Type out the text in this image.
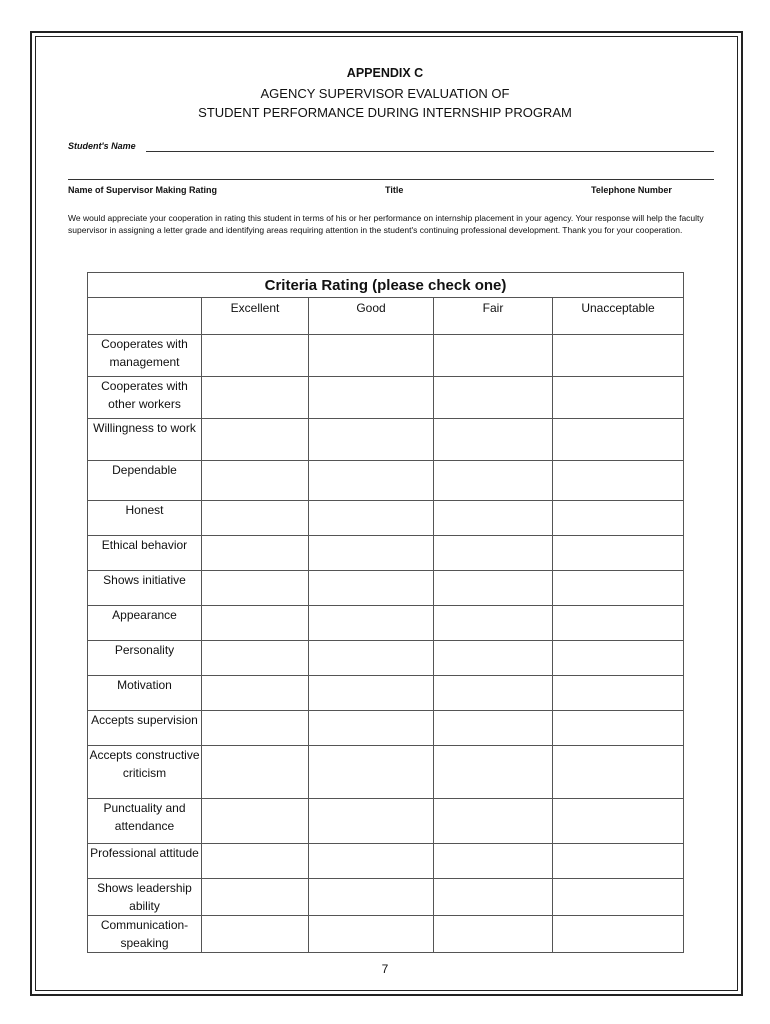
APPENDIX C
AGENCY SUPERVISOR EVALUATION OF
STUDENT PERFORMANCE DURING INTERNSHIP PROGRAM
Student's Name
Name of Supervisor Making Rating	Title	Telephone Number
We would appreciate your cooperation in rating this student in terms of his or her performance on internship placement in your agency. Your response will help the faculty supervisor in assigning a letter grade and identifying areas requiring attention in the student's continuing professional development. Thank you for your cooperation.
Criteria Rating (please check one)				
	Excellent	Good	Fair	Unacceptable
Cooperates with management				
Cooperates with other workers				
Willingness to work				
Dependable				
Honest				
Ethical behavior				
Shows initiative				
Appearance				
Personality				
Motivation				
Accepts supervision				
Accepts constructive criticism				
Punctuality and attendance				
Professional attitude				
Shows leadership ability				
Communication-speaking				
7
